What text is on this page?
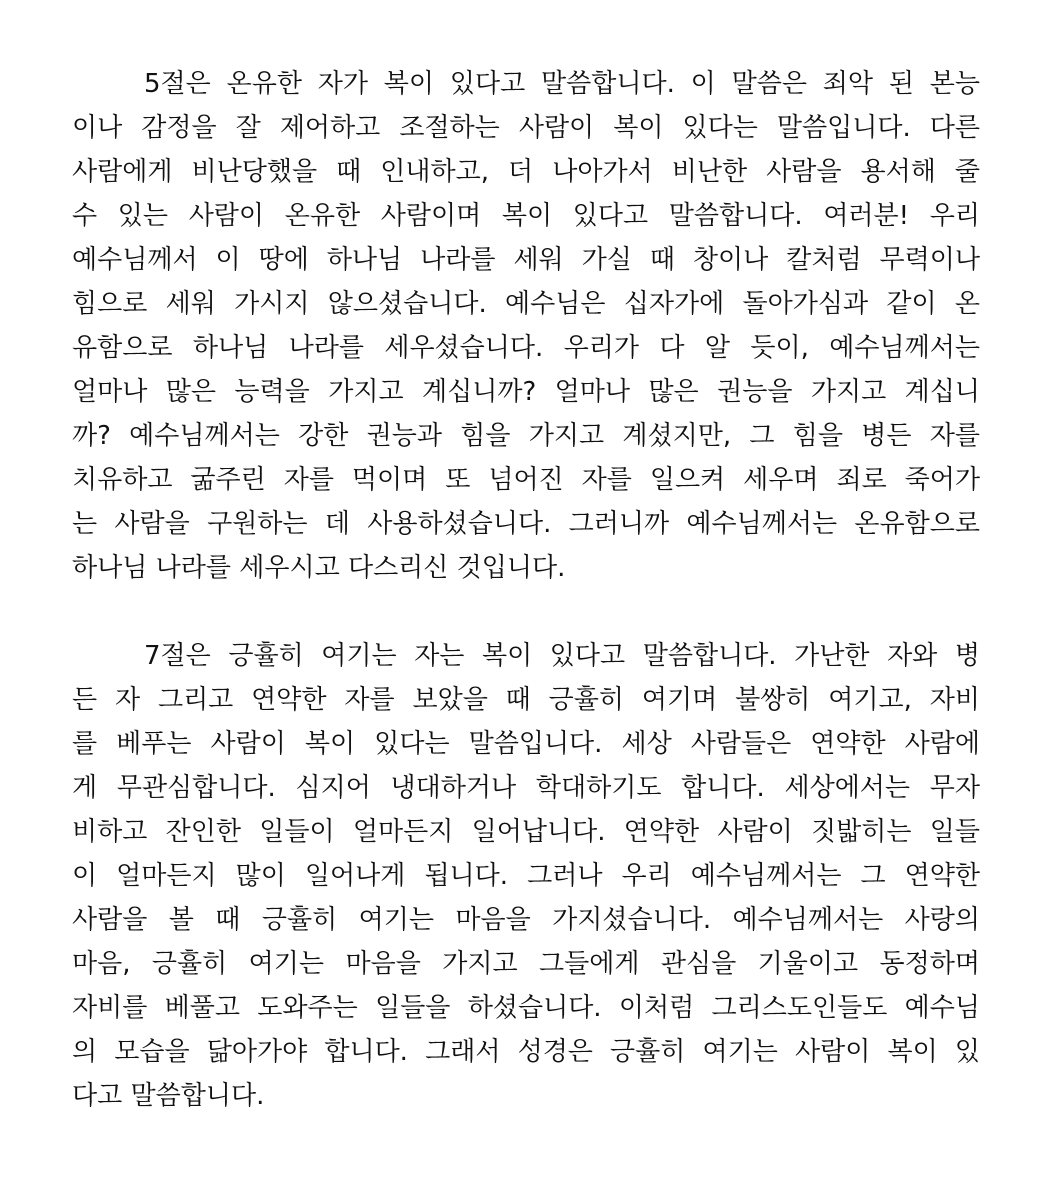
5절은 온유한 자가 복이 있다고 말씀합니다. 이 말씀은 죄악 된 본능
이나 감정을 잘 제어하고 조절하는 사람이 복이 있다는 말씀입니다. 다른
사람에게 비난당했을 때 인내하고, 더 나아가서 비난한 사람을 용서해 줄
수 있는 사람이 온유한 사람이며 복이 있다고 말씀합니다. 여러분! 우리
예수님께서 이 땅에 하나님 나라를 세워 가실 때 창이나 칼처럼 무력이나
힘으로 세워 가시지 않으셨습니다. 예수님은 십자가에 돌아가심과 같이 온
유함으로 하나님 나라를 세우셨습니다. 우리가 다 알 듯이, 예수님께서는
얼마나 많은 능력을 가지고 계십니까? 얼마나 많은 권능을 가지고 계십니
까? 예수님께서는 강한 권능과 힘을 가지고 계셨지만, 그 힘을 병든 자를
치유하고 굶주린 자를 먹이며 또 넘어진 자를 일으켜 세우며 죄로 죽어가
는 사람을 구원하는 데 사용하셨습니다. 그러니까 예수님께서는 온유함으로
하나님 나라를 세우시고 다스리신 것입니다.
7절은 긍휼히 여기는 자는 복이 있다고 말씀합니다. 가난한 자와 병
든 자 그리고 연약한 자를 보았을 때 긍휼히 여기며 불쌍히 여기고, 자비
를 베푸는 사람이 복이 있다는 말씀입니다. 세상 사람들은 연약한 사람에
게 무관심합니다. 심지어 냉대하거나 학대하기도 합니다. 세상에서는 무자
비하고 잔인한 일들이 얼마든지 일어납니다. 연약한 사람이 짓밟히는 일들
이 얼마든지 많이 일어나게 됩니다. 그러나 우리 예수님께서는 그 연약한
사람을 볼 때 긍휼히 여기는 마음을 가지셨습니다. 예수님께서는 사랑의
마음, 긍휼히 여기는 마음을 가지고 그들에게 관심을 기울이고 동정하며
자비를 베풀고 도와주는 일들을 하셨습니다. 이처럼 그리스도인들도 예수님
의 모습을 닮아가야 합니다. 그래서 성경은 긍휼히 여기는 사람이 복이 있
다고 말씀합니다.
